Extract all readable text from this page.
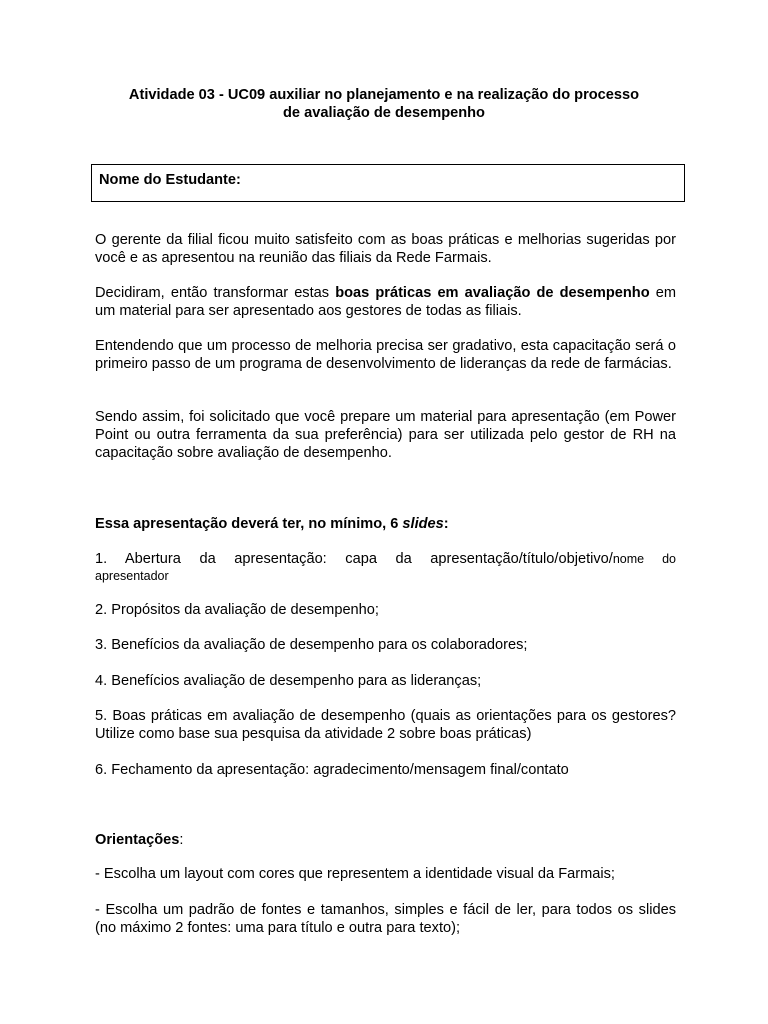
Atividade 03 - UC09 auxiliar no planejamento e na realização do processo
de avaliação de desempenho
Nome do Estudante:

O gerente da filial ficou muito satisfeito com as boas práticas e melhorias sugeridas por você e as apresentou na reunião das filiais da Rede Farmais.

Decidiram, então transformar estas boas práticas em avaliação de desempenho em um material para ser apresentado aos gestores de todas as filiais.

Entendendo que um processo de melhoria precisa ser gradativo, esta capacitação será o primeiro passo de um programa de desenvolvimento de lideranças da rede de farmácias.

Sendo assim, foi solicitado que você prepare um material para apresentação (em Power Point ou outra ferramenta da sua preferência) para ser utilizada pelo gestor de RH na capacitação sobre avaliação de desempenho.

Essa apresentação deverá ter, no mínimo, 6 slides:
1. Abertura da apresentação: capa da apresentação/título/objetivo/nome do
apresentador

2. Propósitos da avaliação de desempenho;

3. Benefícios da avaliação de desempenho para os colaboradores;

4. Benefícios avaliação de desempenho para as lideranças;

5. Boas práticas em avaliação de desempenho (quais as orientações para os gestores? Utilize como base sua pesquisa da atividade 2 sobre boas práticas)

6. Fechamento da apresentação: agradecimento/mensagem final/contato

Orientações:

- Escolha um layout com cores que representem a identidade visual da Farmais;

- Escolha um padrão de fontes e tamanhos, simples e fácil de ler, para todos os slides (no máximo 2 fontes: uma para título e outra para texto);
